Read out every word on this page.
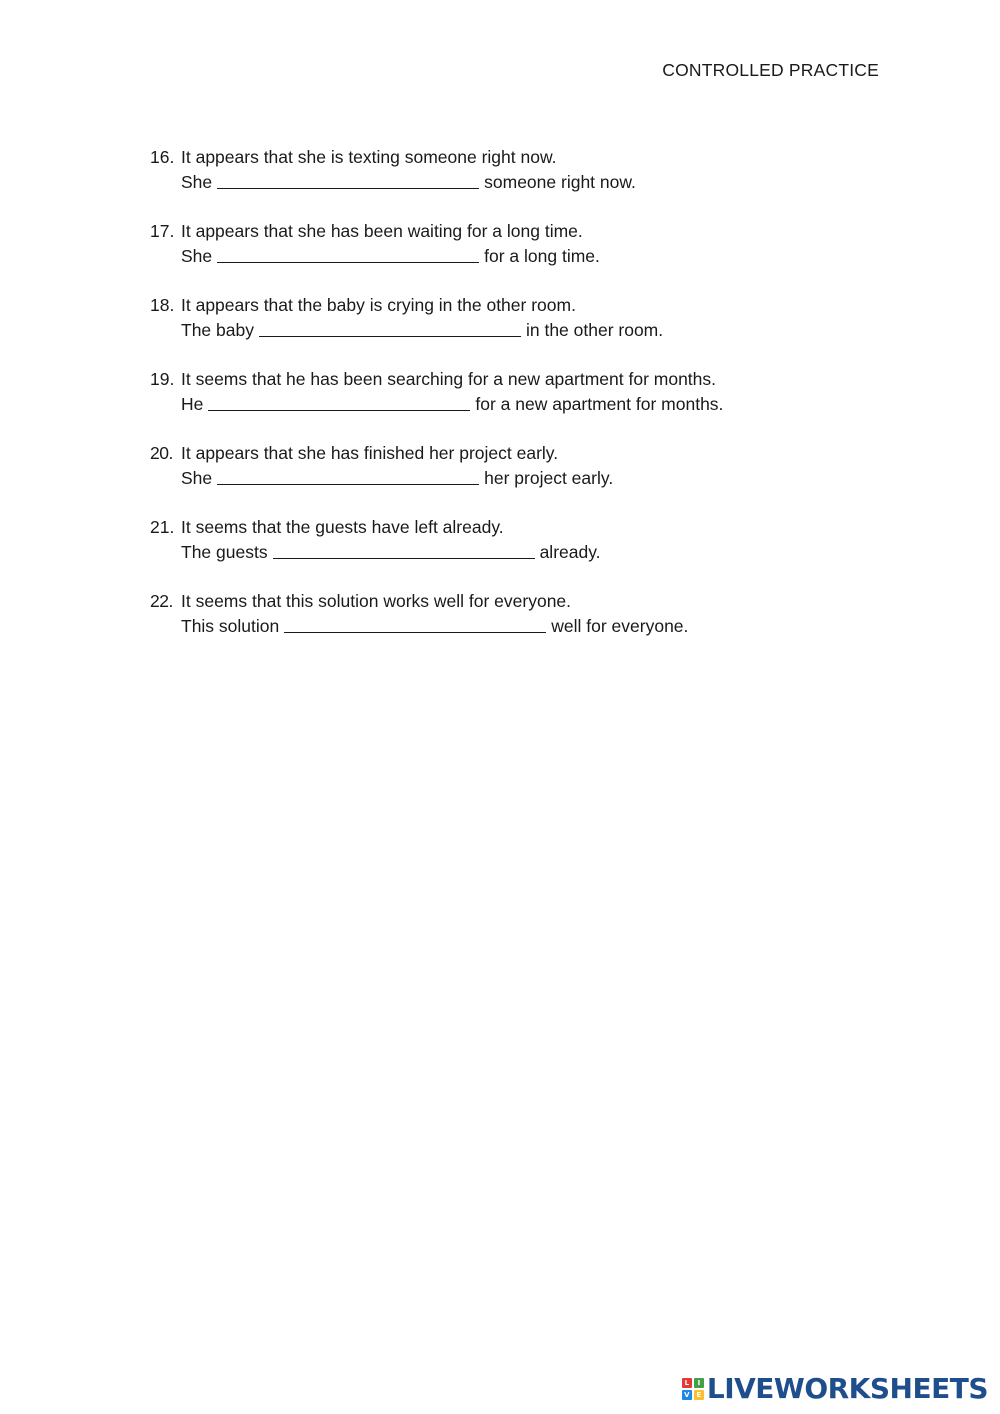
CONTROLLED PRACTICE
16. It appears that she is texting someone right now.
She	someone right now.
17. It appears that she has been waiting for a long time.
She	for a long time.
18. It appears that the baby is crying in the other room.
The baby	in the other room.
19. It seems that he has been searching for a new apartment for months.
He	for a new apartment for months.
20. It appears that she has finished her project early.
She	her project early.
21. It seems that the guests have left already.
The guests	already.
22. It seems that this solution works well for everyone.
This solution	well for everyone.
L	I
V E LIVEWORKSHEETS
